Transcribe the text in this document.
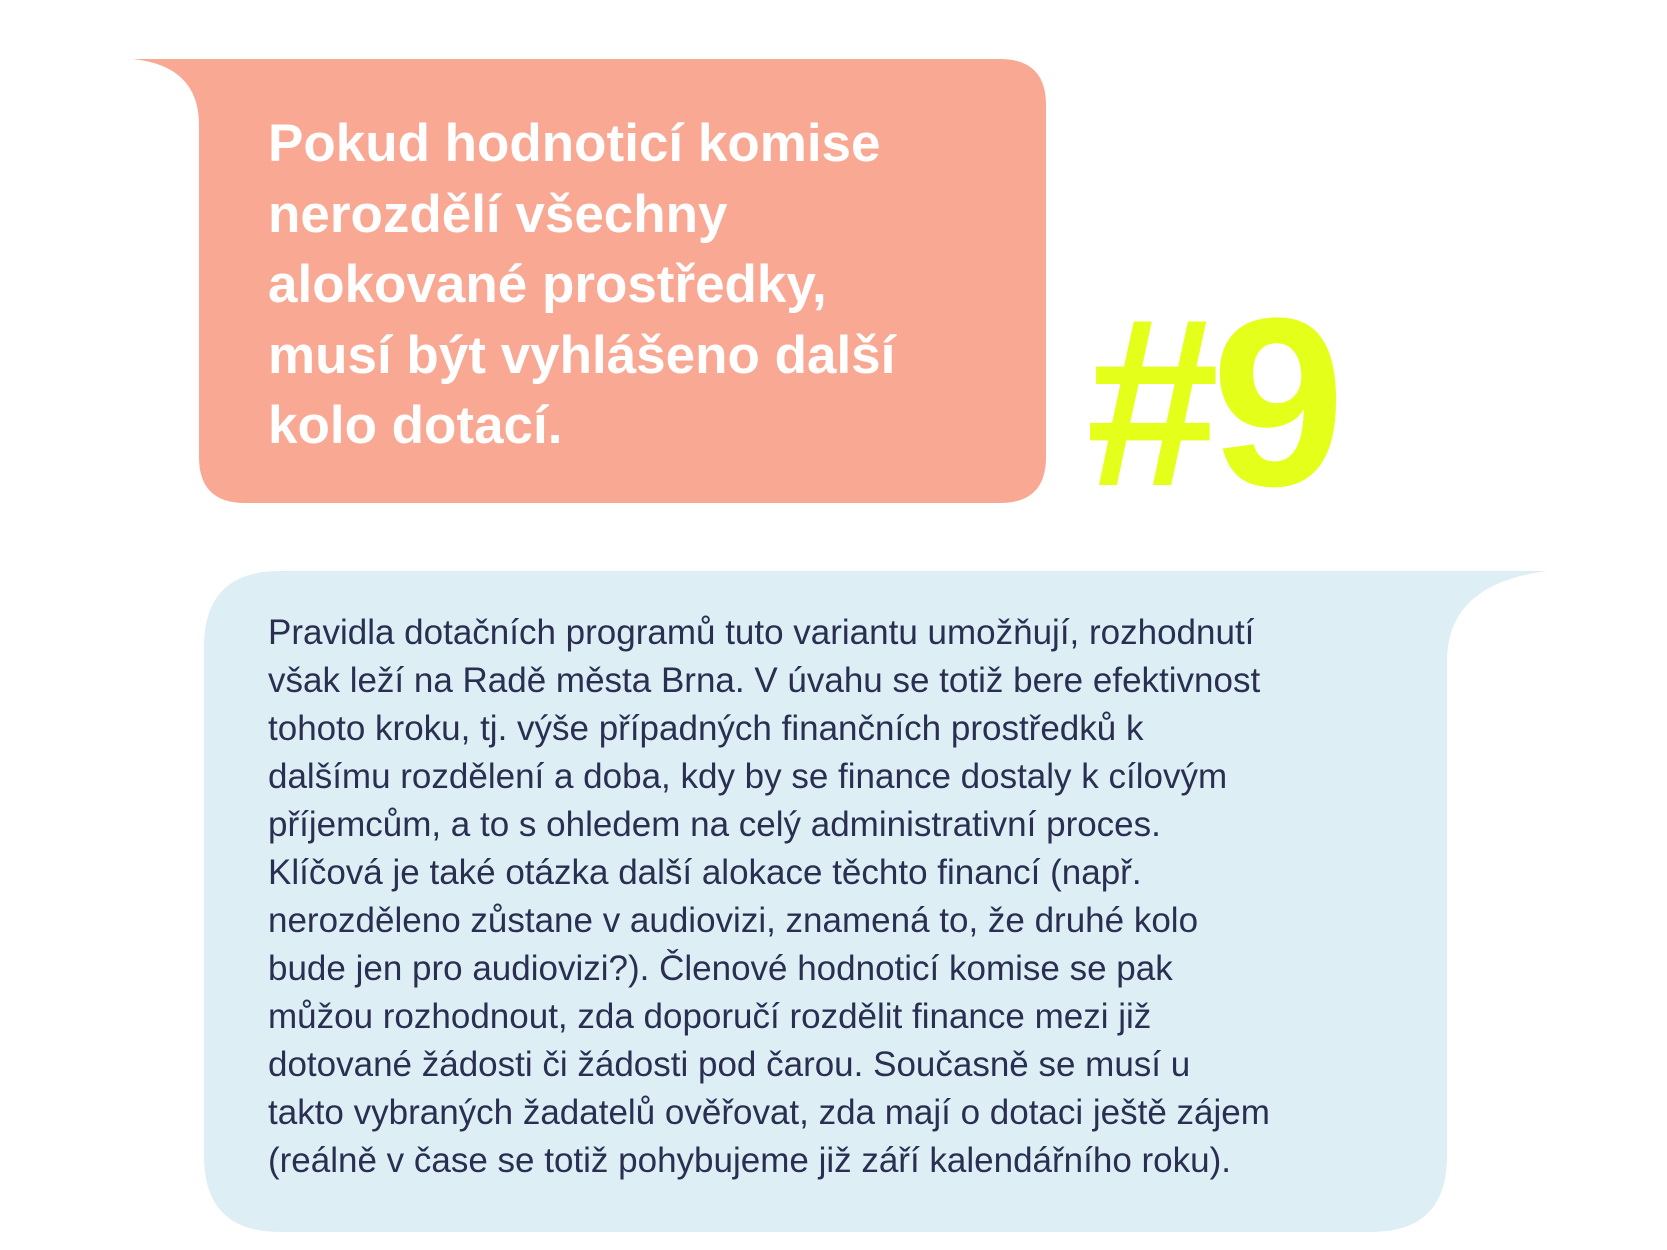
Pokud hodnoticí komise
nerozdělí všechny
alokované prostředky,
musí být vyhlášeno další
kolo dotací.	#9

Pravidla dotačních programů tuto variantu umožňují, rozhodnutí
však leží na Radě města Brna. V úvahu se totiž bere efektivnost
tohoto kroku, tj. výše případných finančních prostředků k
dalšímu rozdělení a doba, kdy by se finance dostaly k cílovým
příjemcům, a to s ohledem na celý administrativní proces.
Klíčová je také otázka další alokace těchto financí (např.
nerozděleno zůstane v audiovizi, znamená to, že druhé kolo
bude jen pro audiovizi?). Členové hodnoticí komise se pak
můžou rozhodnout, zda doporučí rozdělit finance mezi již
dotované žádosti či žádosti pod čarou. Současně se musí u
takto vybraných žadatelů ověřovat, zda mají o dotaci ještě zájem
(reálně v čase se totiž pohybujeme již září kalendářního roku).
